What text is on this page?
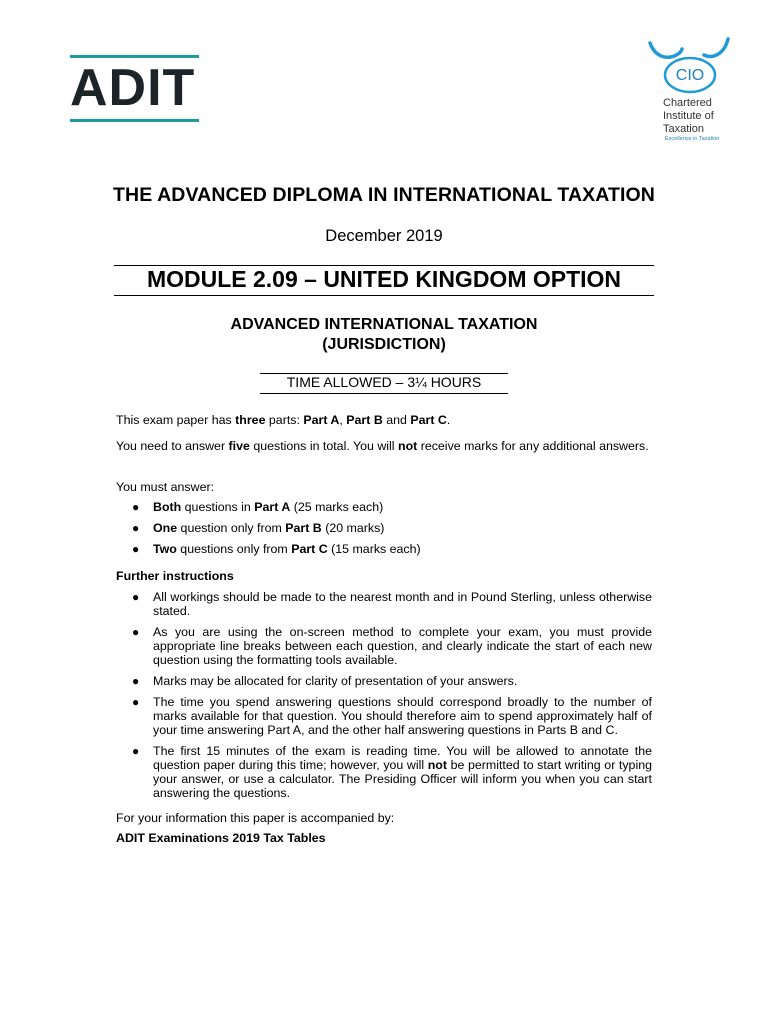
ADIT	CIO
Chartered
Institute of
Taxation
Excellence in Taxation
THE ADVANCED DIPLOMA IN INTERNATIONAL TAXATION
December 2019
MODULE 2.09 – UNITED KINGDOM OPTION
ADVANCED INTERNATIONAL TAXATION
(JURISDICTION)
TIME ALLOWED – 3¼ HOURS
This exam paper has three parts: Part A, Part B and Part C.
You need to answer five questions in total. You will not receive marks for any additional answers.
You must answer:
● Both questions in Part A (25 marks each)
● One question only from Part B (20 marks)
● Two questions only from Part C (15 marks each)
Further instructions
● All workings should be made to the nearest month and in Pound Sterling, unless otherwise stated.
● As you are using the on-screen method to complete your exam, you must provide appropriate line breaks between each question, and clearly indicate the start of each new question using the formatting tools available.
● Marks may be allocated for clarity of presentation of your answers.
● The time you spend answering questions should correspond broadly to the number of marks available for that question. You should therefore aim to spend approximately half of your time answering Part A, and the other half answering questions in Parts B and C.
● The first 15 minutes of the exam is reading time. You will be allowed to annotate the question paper during this time; however, you will not be permitted to start writing or typing your answer, or use a calculator. The Presiding Officer will inform you when you can start answering the questions.
For your information this paper is accompanied by:
ADIT Examinations 2019 Tax Tables
